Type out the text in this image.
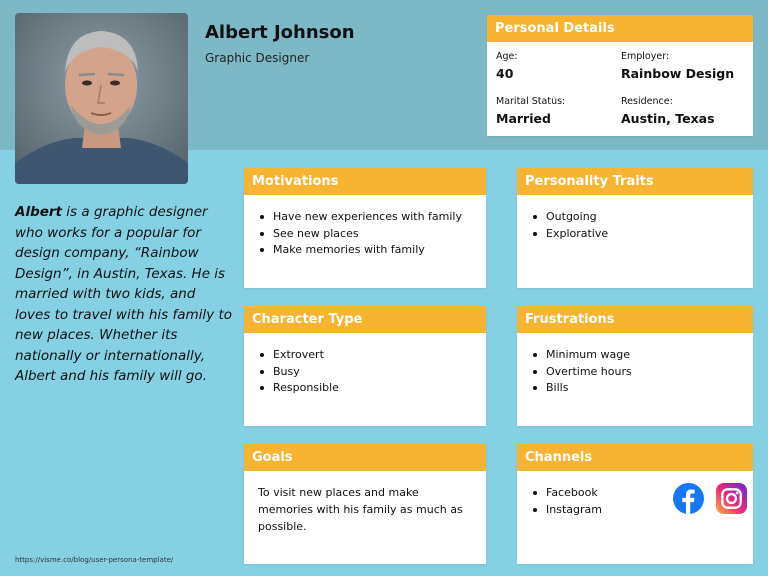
Albert Johnson
Graphic Designer
Personal Details
Age:
40
Employer:
Rainbow Design
Marital Status:
Married
Residence:
Austin, Texas
Albert is a graphic designer who works for a popular for design company, “Rainbow Design”, in Austin, Texas. He is married with two kids, and loves to travel with his family to new places. Whether its nationally or internationally, Albert and his family will go.
Motivations
Have new experiences with family
See new places
Make memories with family
Personality Traits
Outgoing
Explorative
Character Type
Extrovert
Busy
Responsible
Frustrations
Minimum wage
Overtime hours
Bills
Goals
To visit new places and make memories with his family as much as possible.
Channels
Facebook
Instagram
https://visme.co/blog/user-persona-template/
